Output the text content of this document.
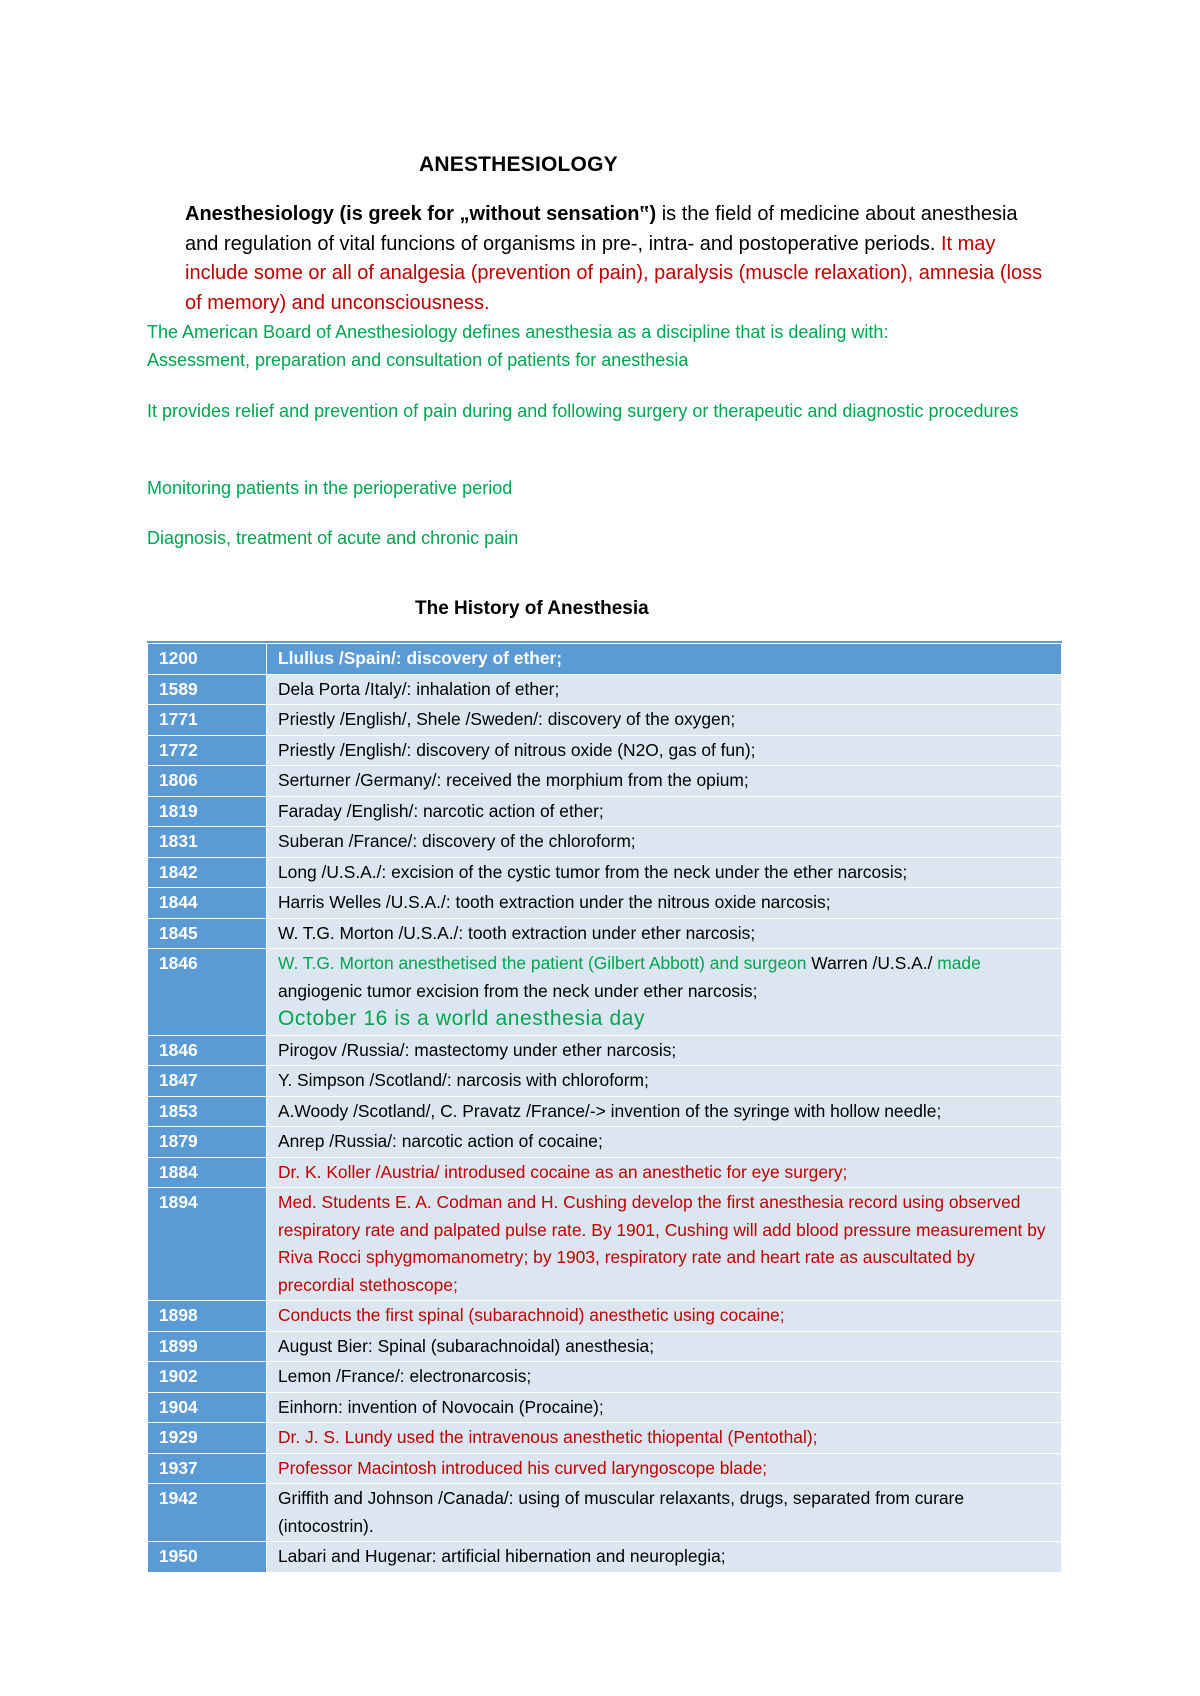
ANESTHESIOLOGY
Anesthesiology (is greek for „without sensation‟) is the field of medicine about anesthesia and regulation of vital funcions of organisms in pre-, intra- and postoperative periods. It may include some or all of analgesia (prevention of pain), paralysis (muscle relaxation), amnesia (loss of memory) and unconsciousness.
The American Board of Anesthesiology defines anesthesia as a discipline that is dealing with:
Assessment, preparation and consultation of patients for anesthesia
It provides relief and prevention of pain during and following surgery or therapeutic and diagnostic procedures
Monitoring patients in the perioperative period
Diagnosis, treatment of acute and chronic pain
The History of Anesthesia
1200	Llullus /Spain/: discovery of ether;
1589	Dela Porta /Italy/: inhalation of ether;
1771	Priestly /English/, Shele /Sweden/: discovery of the oxygen;
1772	Priestly /English/: discovery of nitrous oxide (N2O, gas of fun);
1806	Serturner /Germany/: received the morphium from the opium;
1819	Faraday /English/: narcotic action of ether;
1831	Suberan /France/: discovery of the chloroform;
1842	Long /U.S.A./: excision of the cystic tumor from the neck under the ether narcosis;
1844	Harris Welles /U.S.A./: tooth extraction under the nitrous oxide narcosis;
1845	W. T.G. Morton /U.S.A./: tooth extraction under ether narcosis;
1846	W. T.G. Morton anesthetised the patient (Gilbert Abbott) and surgeon Warren /U.S.A./ made angiogenic tumor excision from the neck under ether narcosis;
October 16 is a world anesthesia day
1846	Pirogov /Russia/: mastectomy under ether narcosis;
1847	Y. Simpson /Scotland/: narcosis with chloroform;
1853	A.Woody /Scotland/, C. Pravatz /France/-> invention of the syringe with hollow needle;
1879	Anrep /Russia/: narcotic action of cocaine;
1884	Dr. K. Koller /Austria/ introdused cocaine as an anesthetic for eye surgery;
1894	Med. Students E. A. Codman and H. Cushing develop the first anesthesia record using observed respiratory rate and palpated pulse rate. By 1901, Cushing will add blood pressure measurement by Riva Rocci sphygmomanometry; by 1903, respiratory rate and heart rate as auscultated by precordial stethoscope;
1898	Conducts the first spinal (subarachnoid) anesthetic using cocaine;
1899	August Bier: Spinal (subarachnoidal) anesthesia;
1902	Lemon /France/: electronarcosis;
1904	Einhorn: invention of Novocain (Procaine);
1929	Dr. J. S. Lundy used the intravenous anesthetic thiopental (Pentothal);
1937	Professor Macintosh introduced his curved laryngoscope blade;
1942	Griffith and Johnson /Canada/: using of muscular relaxants, drugs, separated from curare (intocostrin).
1950	Labari and Hugenar: artificial hibernation and neuroplegia;
